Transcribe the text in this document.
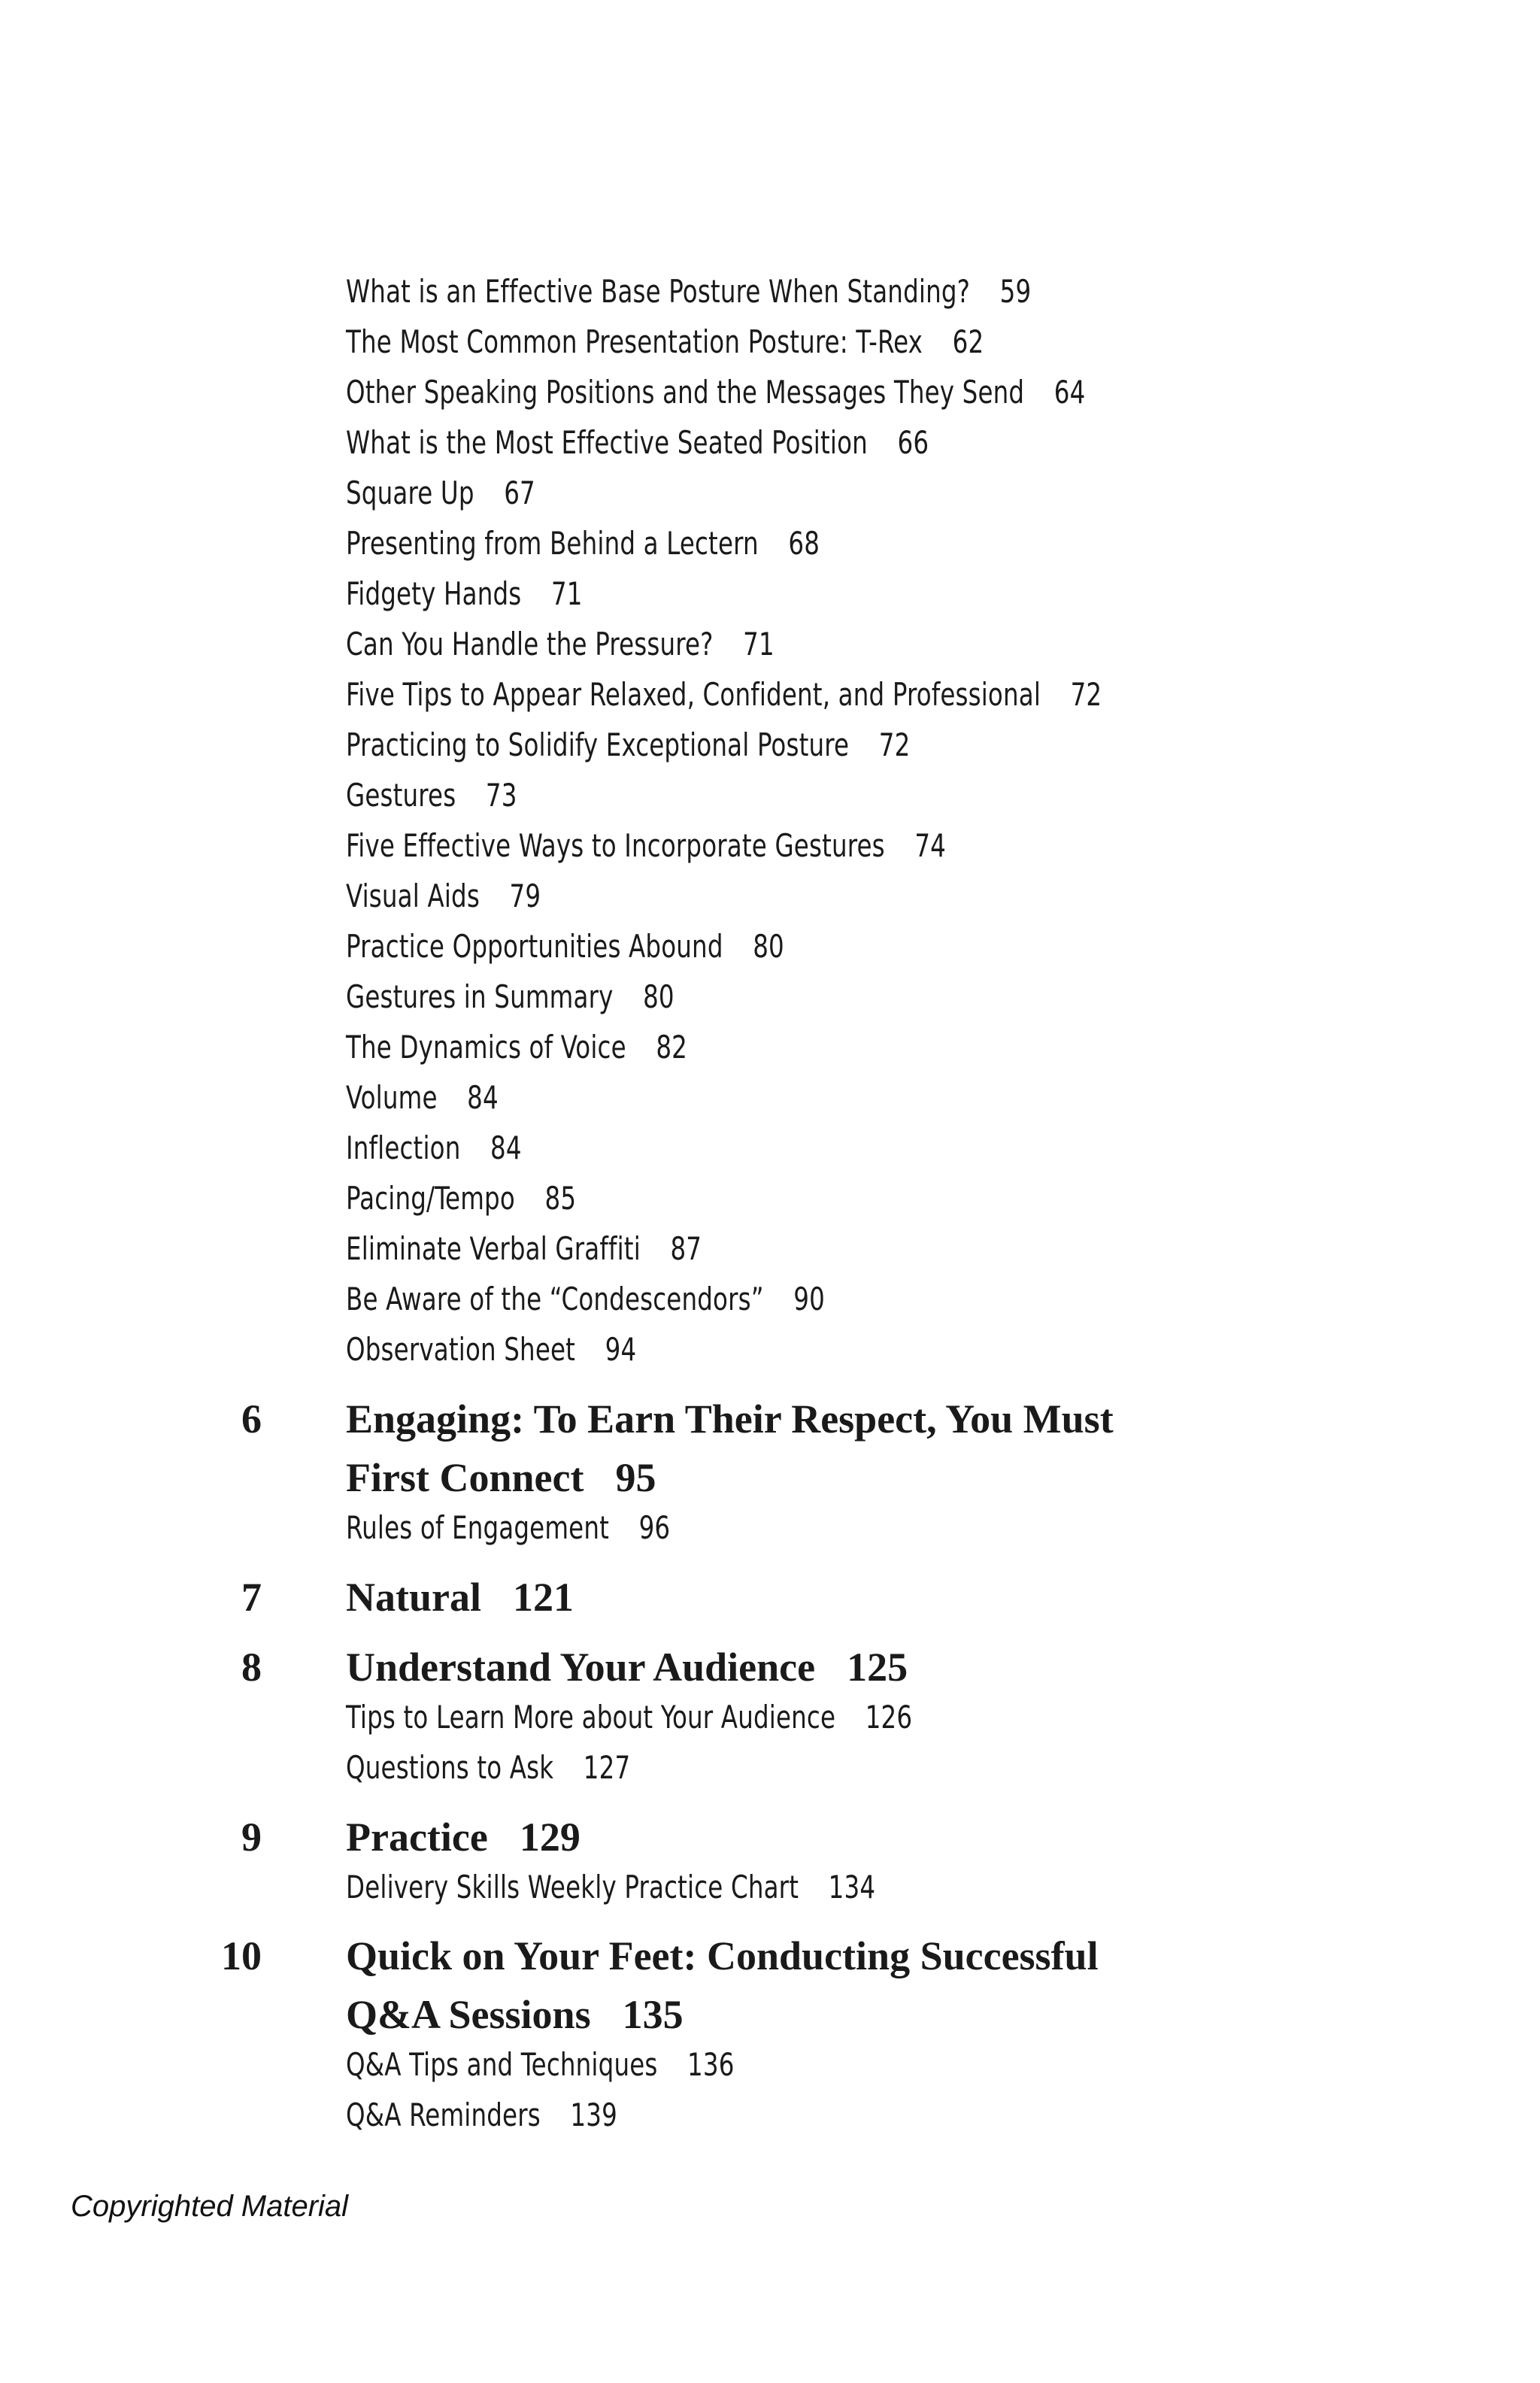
What is an Effective Base Posture When Standing? 59
The Most Common Presentation Posture: T-Rex 62
Other Speaking Positions and the Messages They Send 64
What is the Most Effective Seated Position 66
Square Up 67
Presenting from Behind a Lectern 68
Fidgety Hands 71
Can You Handle the Pressure? 71
Five Tips to Appear Relaxed, Confident, and Professional 72
Practicing to Solidify Exceptional Posture 72
Gestures 73
Five Effective Ways to Incorporate Gestures 74
Visual Aids 79
Practice Opportunities Abound 80
Gestures in Summary 80
The Dynamics of Voice 82
Volume 84
Inflection 84
Pacing/Tempo 85
Eliminate Verbal Graffiti 87
Be Aware of the “Condescendors” 90
Observation Sheet 94
6 Engaging: To Earn Their Respect, You Must
First Connect 95
Rules of Engagement 96
7 Natural 121
8 Understand Your Audience 125
Tips to Learn More about Your Audience 126
Questions to Ask 127
9 Practice 129
Delivery Skills Weekly Practice Chart 134
10 Quick on Your Feet: Conducting Successful
Q&A Sessions 135
Q&A Tips and Techniques 136
Q&A Reminders 139
Copyrighted Material
